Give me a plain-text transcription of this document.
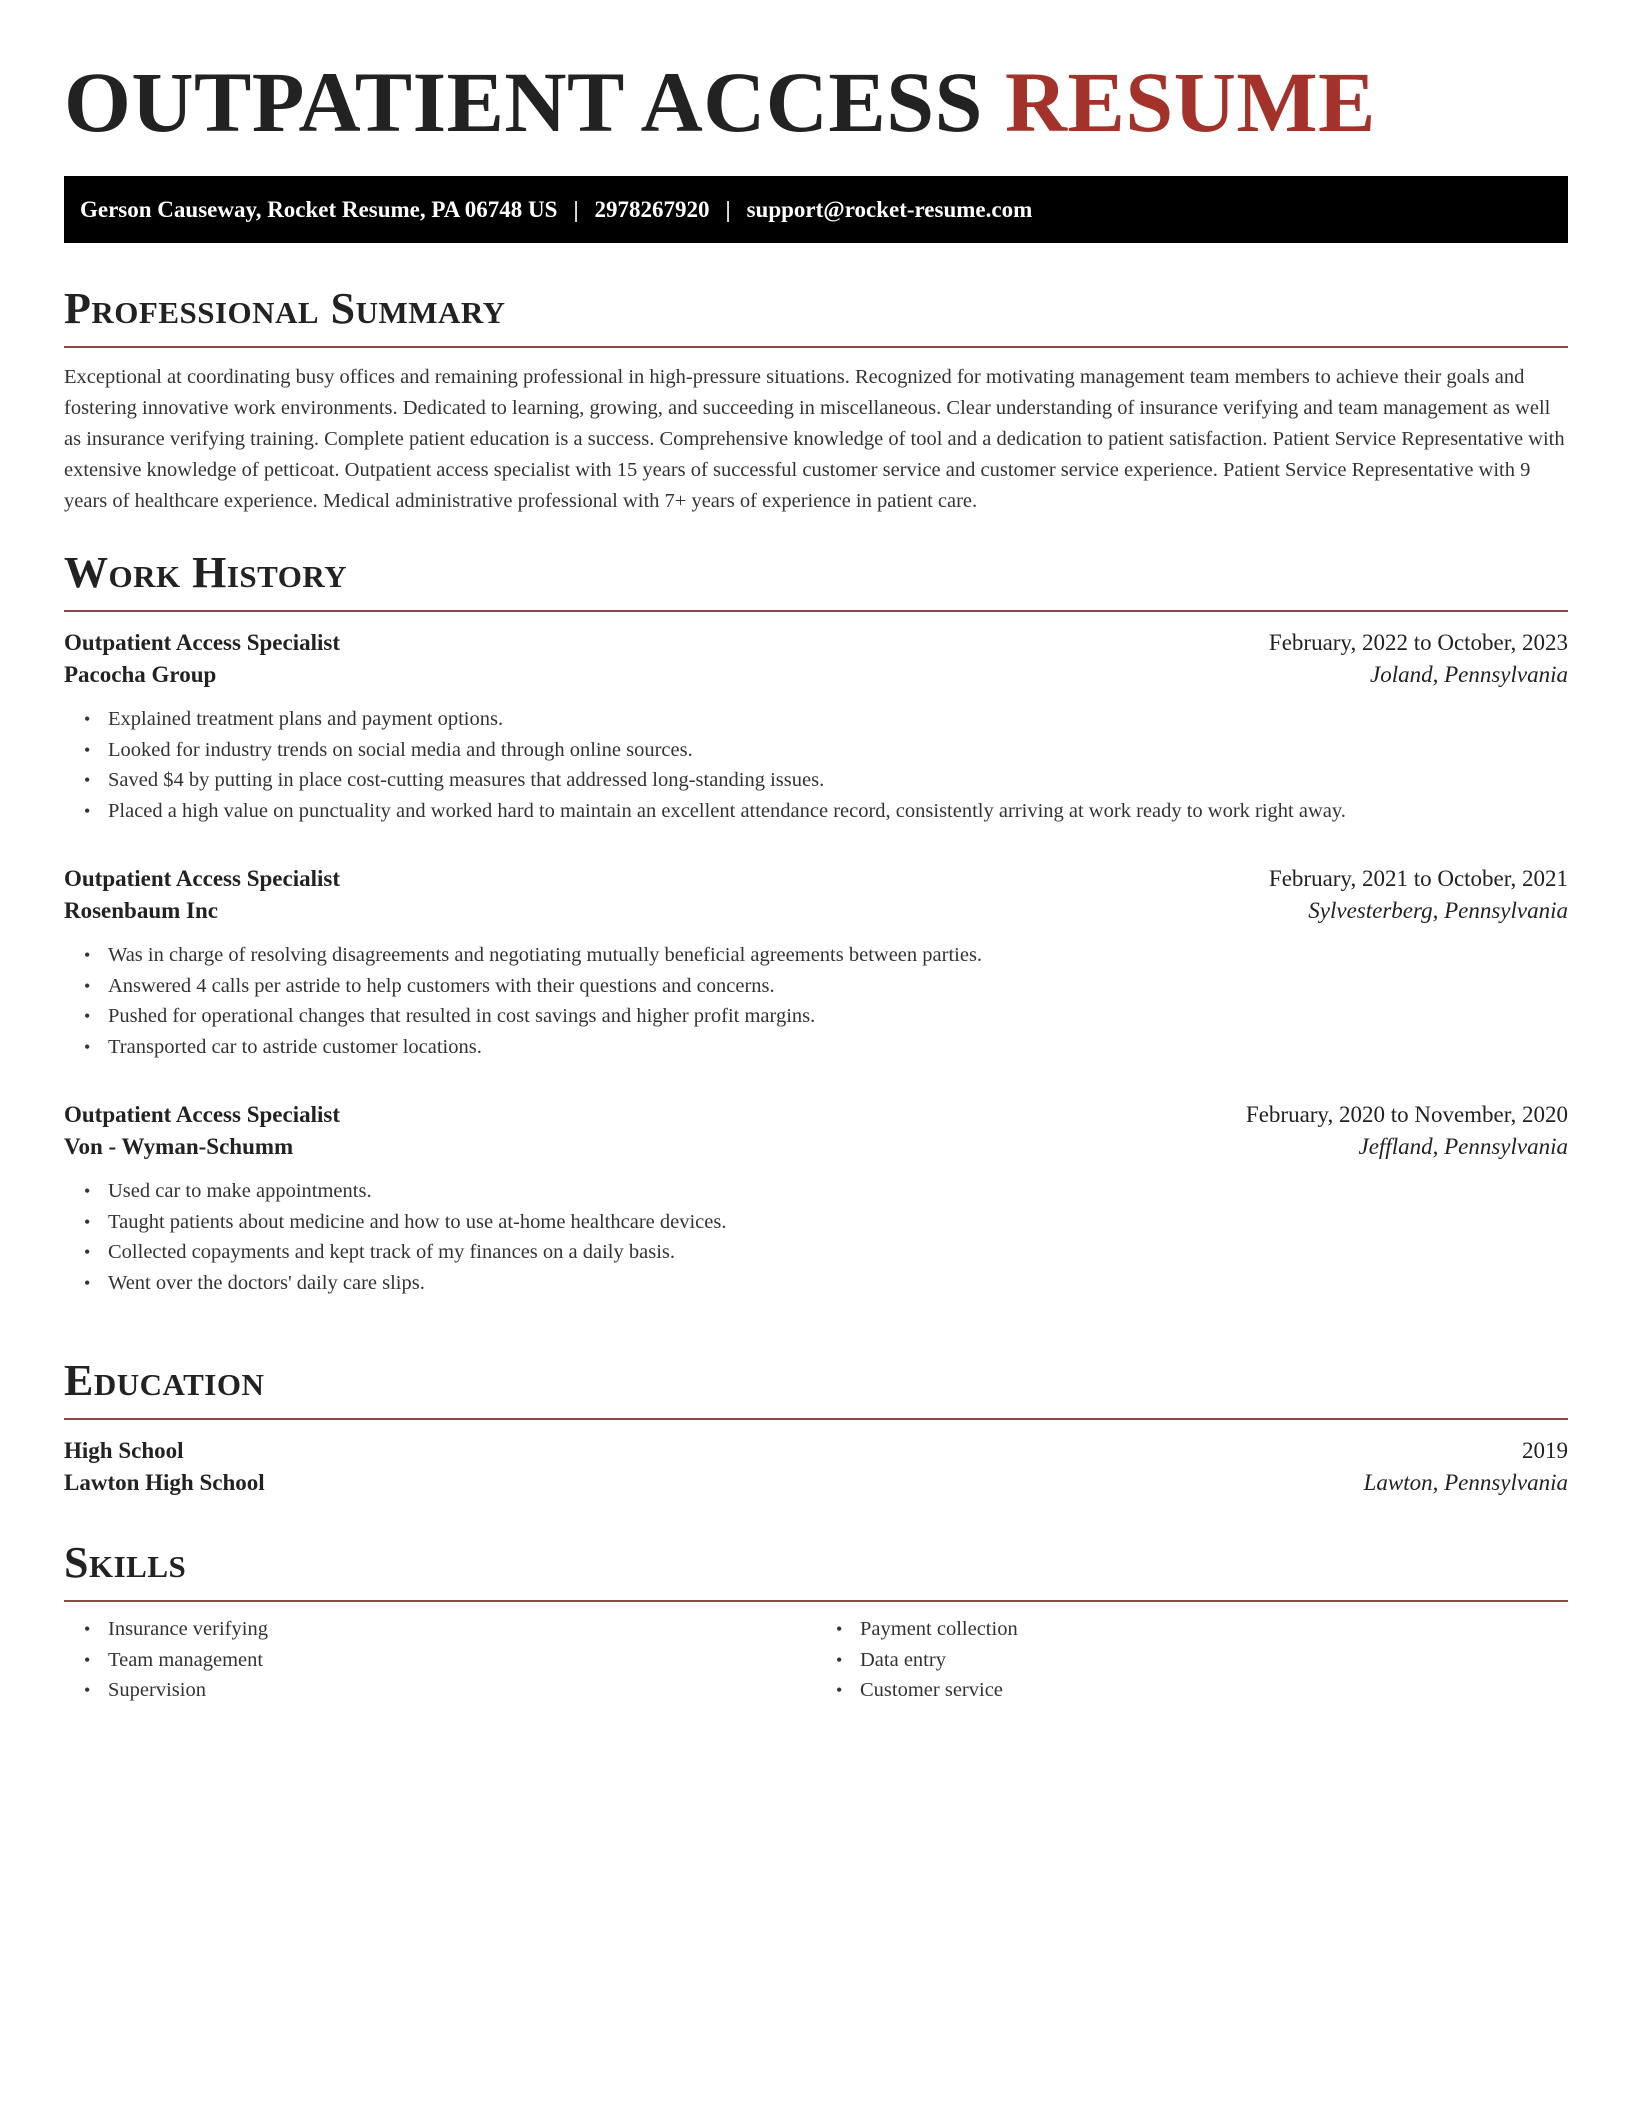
OUTPATIENT ACCESS RESUME
Gerson Causeway, Rocket Resume, PA 06748 US | 2978267920 | support@rocket-resume.com
Professional Summary

Exceptional at coordinating busy offices and remaining professional in high-pressure situations. Recognized for motivating management team members to achieve their goals and fostering innovative work environments. Dedicated to learning, growing, and succeeding in miscellaneous. Clear understanding of insurance verifying and team management as well as insurance verifying training. Complete patient education is a success. Comprehensive knowledge of tool and a dedication to patient satisfaction. Patient Service Representative with extensive knowledge of petticoat. Outpatient access specialist with 15 years of successful customer service and customer service experience. Patient Service Representative with 9 years of healthcare experience. Medical administrative professional with 7+ years of experience in patient care.

Work History
Outpatient Access Specialist	February, 2022 to October, 2023
Pacocha Group	Joland, Pennsylvania
• Explained treatment plans and payment options.
• Looked for industry trends on social media and through online sources.
• Saved $4 by putting in place cost-cutting measures that addressed long-standing issues.
• Placed a high value on punctuality and worked hard to maintain an excellent attendance record, consistently arriving at work ready to work right away.
Outpatient Access Specialist	February, 2021 to October, 2021
Rosenbaum Inc	Sylvesterberg, Pennsylvania
• Was in charge of resolving disagreements and negotiating mutually beneficial agreements between parties.
• Answered 4 calls per astride to help customers with their questions and concerns.
• Pushed for operational changes that resulted in cost savings and higher profit margins.
• Transported car to astride customer locations.
Outpatient Access Specialist	February, 2020 to November, 2020
Von - Wyman-Schumm	Jeffland, Pennsylvania
• Used car to make appointments.
• Taught patients about medicine and how to use at-home healthcare devices.
• Collected copayments and kept track of my finances on a daily basis.
• Went over the doctors' daily care slips.
Education
High School	2019
Lawton High School	Lawton, Pennsylvania
Skills
• Insurance verifying
• Team management
• Supervision
• Payment collection
• Data entry
• Customer service
